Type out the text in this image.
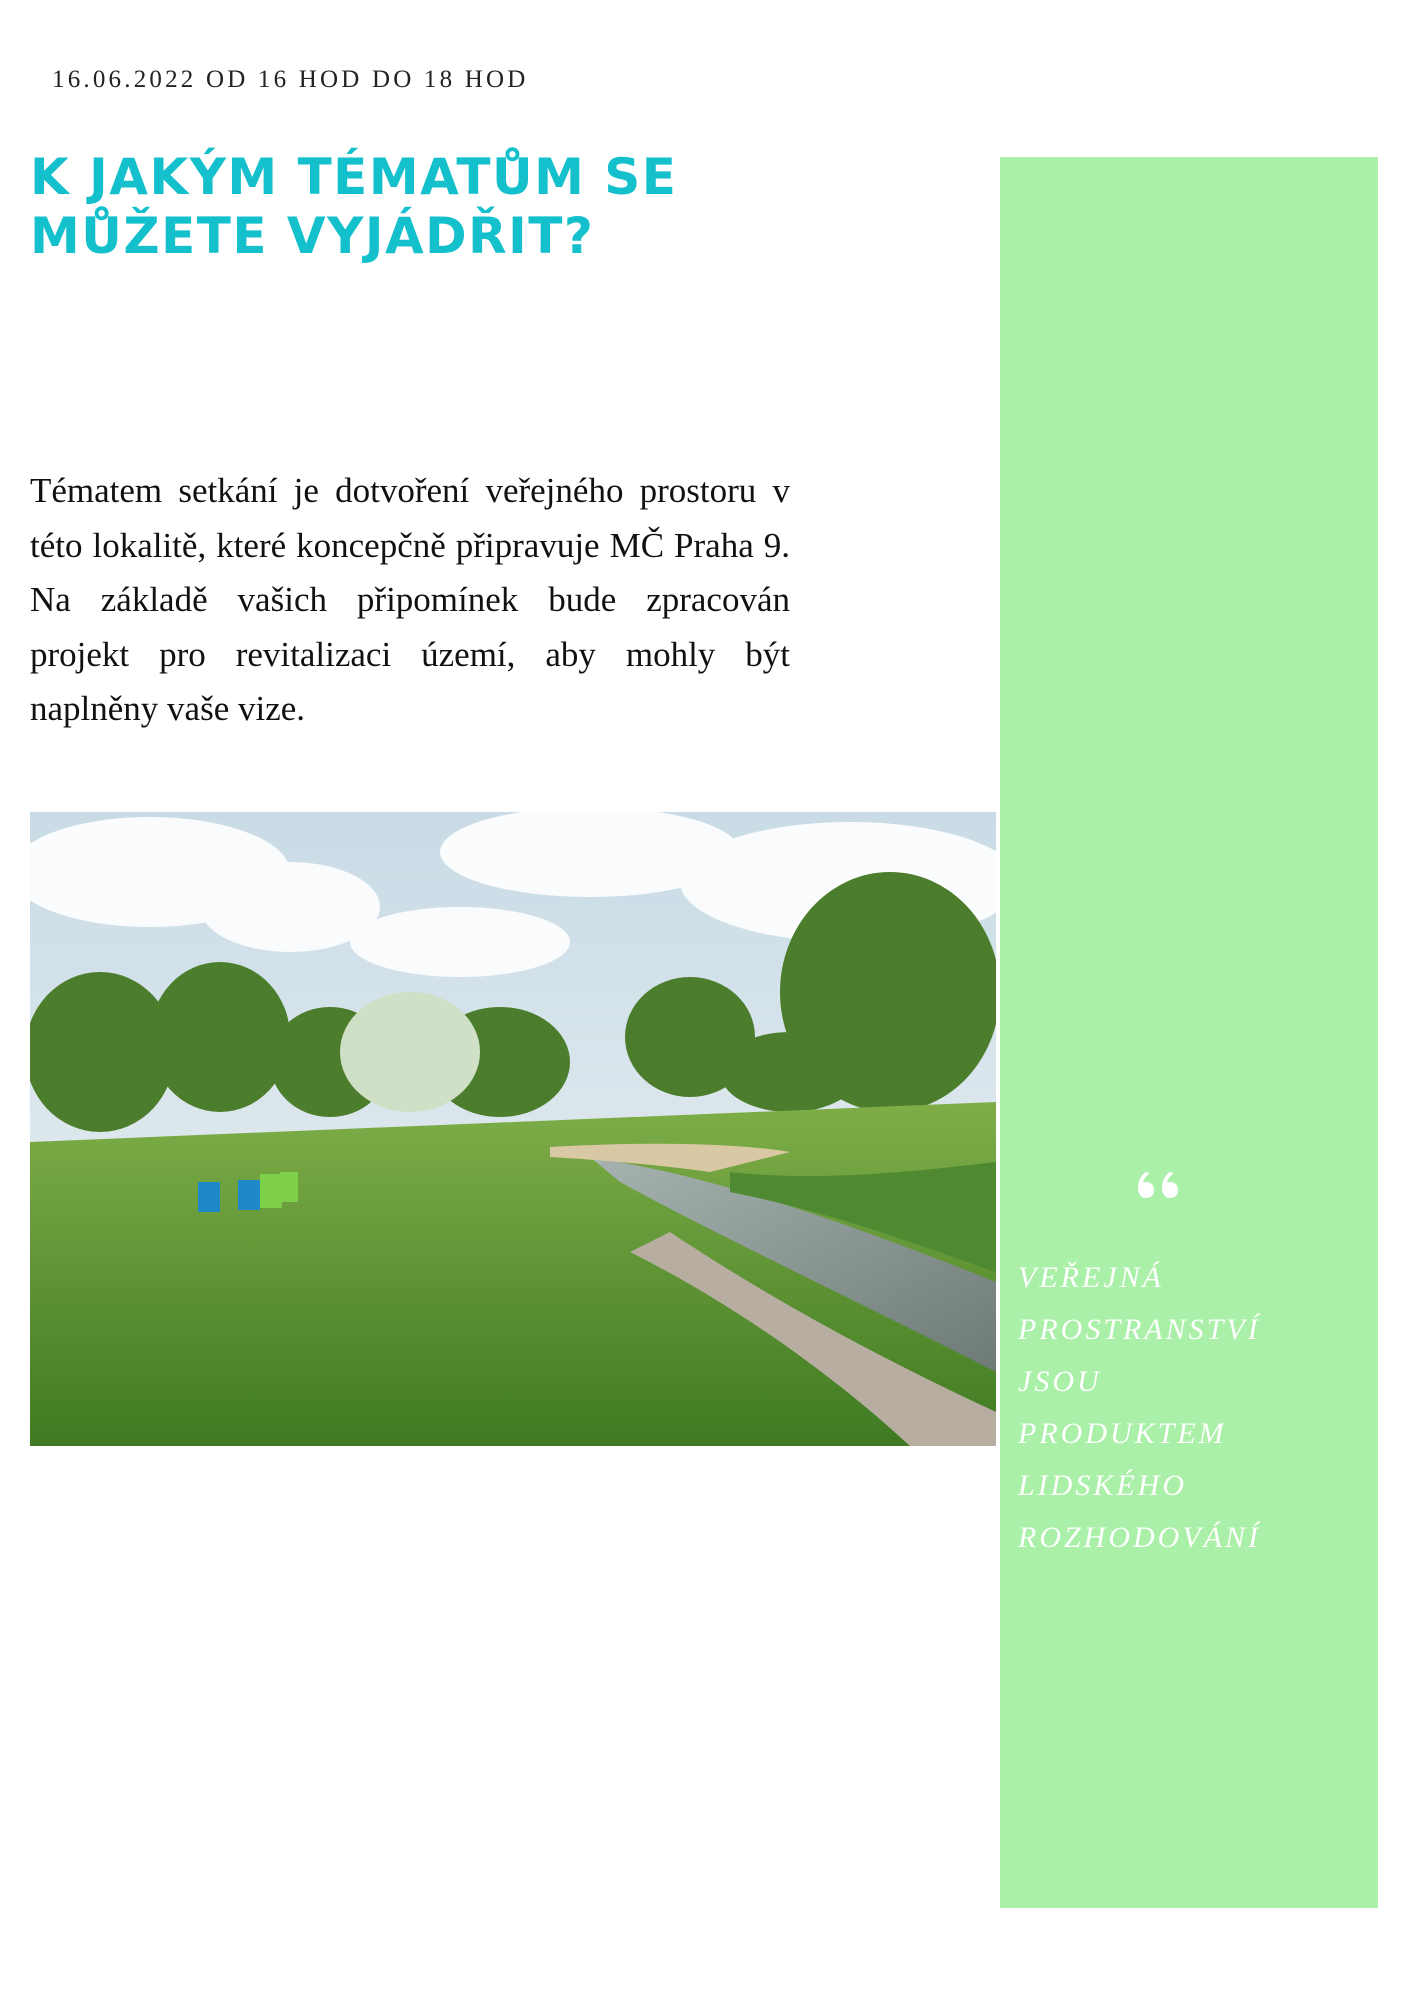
16.06.2022 OD 16 HOD DO 18 HOD
K JAKÝM TÉMATŮM SE MŮŽETE VYJÁDŘIT?

Tématem setkání je dotvoření veřejného prostoru v této lokalitě, které koncepčně připravuje MČ Praha 9. Na základě vašich připomínek bude zpracován projekt pro revitalizaci území, aby mohly být naplněny vaše vize.

VEŘEJNÁ
PROSTRANSTVÍ
JSOU
PRODUKTEM
LIDSKÉHO
ROZHODOVÁNÍ
